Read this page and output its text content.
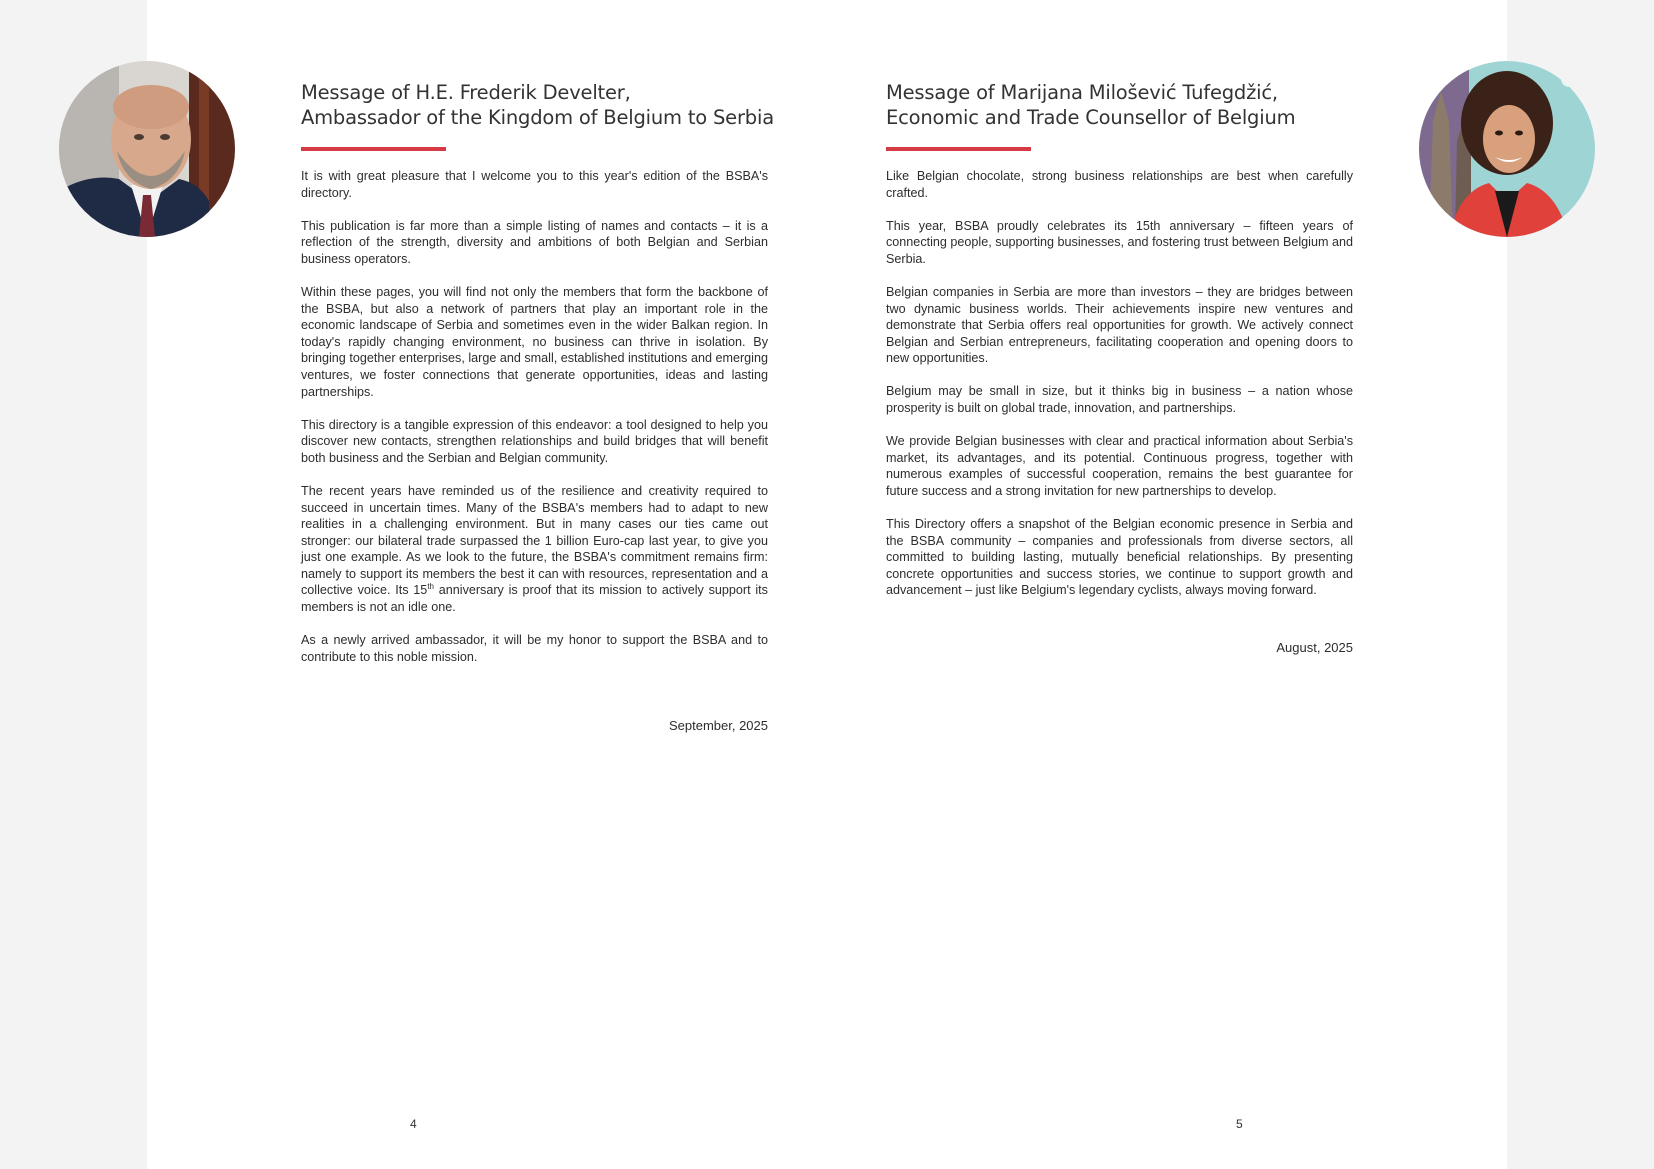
Message of H.E. Frederik Develter,
Ambassador of the Kingdom of Belgium to Serbia

It is with great pleasure that I welcome you to this year's edition of the BSBA's directory.

This publication is far more than a simple listing of names and contacts – it is a reflection of the strength, diversity and ambitions of both Belgian and Serbian business operators.

Within these pages, you will find not only the members that form the backbone of the BSBA, but also a network of partners that play an important role in the economic landscape of Serbia and sometimes even in the wider Balkan region. In today's rapidly changing environment, no business can thrive in isolation. By bringing together enterprises, large and small, established institutions and emerging ventures, we foster connections that generate opportunities, ideas and lasting partnerships.

This directory is a tangible expression of this endeavor: a tool designed to help you discover new contacts, strengthen relationships and build bridges that will benefit both business and the Serbian and Belgian community.

The recent years have reminded us of the resilience and creativity required to succeed in uncertain times. Many of the BSBA's members had to adapt to new realities in a challenging environment. But in many cases our ties came out stronger: our bilateral trade surpassed the 1 billion Euro-cap last year, to give you just one example. As we look to the future, the BSBA's commitment remains firm: namely to support its members the best it can with resources, representation and a collective voice. Its 15th anniversary is proof that its mission to actively support its members is not an idle one.

As a newly arrived ambassador, it will be my honor to support the BSBA and to contribute to this noble mission.

September, 2025
Message of Marijana Milošević Tufegdžić,
Economic and Trade Counsellor of Belgium

Like Belgian chocolate, strong business relationships are best when carefully crafted.

This year, BSBA proudly celebrates its 15th anniversary – fifteen years of connecting people, supporting businesses, and fostering trust between Belgium and Serbia.

Belgian companies in Serbia are more than investors – they are bridges between two dynamic business worlds. Their achievements inspire new ventures and demonstrate that Serbia offers real opportunities for growth. We actively connect Belgian and Serbian entrepreneurs, facilitating cooperation and opening doors to new opportunities.

Belgium may be small in size, but it thinks big in business – a nation whose prosperity is built on global trade, innovation, and partnerships.

We provide Belgian businesses with clear and practical information about Serbia's market, its advantages, and its potential. Continuous progress, together with numerous examples of successful cooperation, remains the best guarantee for future success and a strong invitation for new partnerships to develop.

This Directory offers a snapshot of the Belgian economic presence in Serbia and the BSBA community – companies and professionals from diverse sectors, all committed to building lasting, mutually beneficial relationships. By presenting concrete opportunities and success stories, we continue to support growth and advancement – just like Belgium's legendary cyclists, always moving forward.

August, 2025
4	5
